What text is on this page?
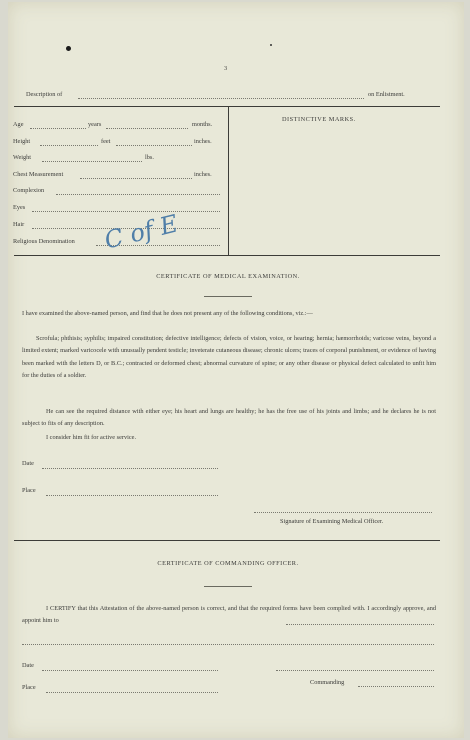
3
Description of	on Enlistment.
Age	years	months.
Height	feet	inches.
Weight	lbs.
Chest Measurement	inches.
Complexion
Eyes
Hair
Religious Denomination C of E
DISTINCTIVE MARKS.
CERTIFICATE OF MEDICAL EXAMINATION.
I have examined the above-named person, and find that he does not present any of the following conditions, viz.:—
Scrofula; phthisis; syphilis; impaired constitution; defective intelligence; defects of vision, voice, or hearing; hernia; hæmorrhoids; varicose veins, beyond a limited extent; marked varicocele with unusually pendent testicle; inveterate cutaneous disease; chronic ulcers; traces of corporal punishment, or evidence of having been marked with the letters D, or B.C.; contracted or deformed chest; abnormal curvature of spine; or any other disease or physical defect calculated to unfit him for the duties of a soldier.
He can see the required distance with either eye; his heart and lungs are healthy; he has the free use of his joints and limbs; and he declares he is not subject to fits of any description.
I consider him fit for active service.
Date
Place
Signature of Examining Medical Officer.
CERTIFICATE OF COMMANDING OFFICER.
I CERTIFY that this Attestation of the above-named person is correct, and that the required forms have been complied with. I accordingly approve, and appoint him to
Date
Place
Commanding
